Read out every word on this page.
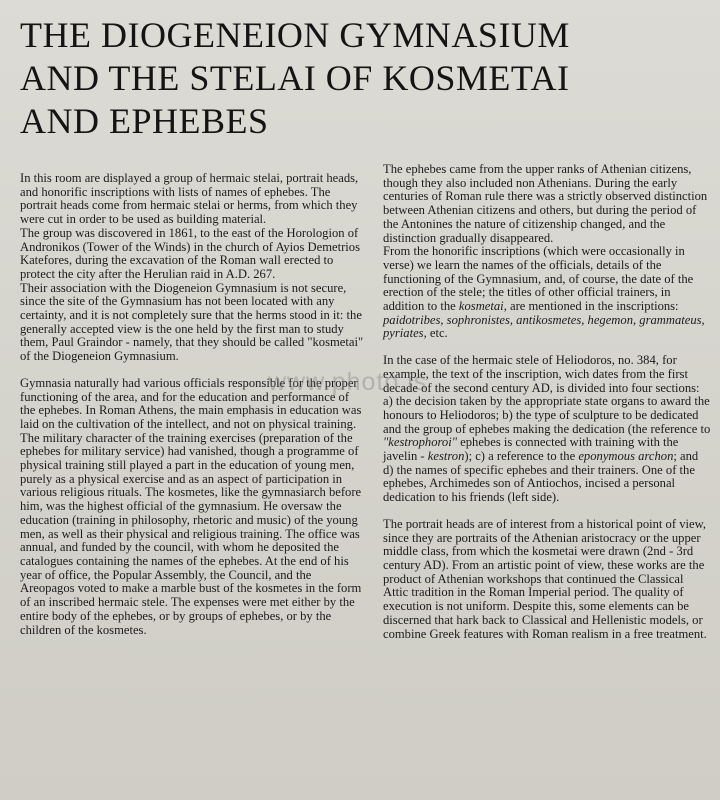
THE DIOGENEION GYMNASIUM
AND THE STELAI OF KOSMETAI
AND EPHEBES

In this room are displayed a group of hermaic stelai, portrait heads, and honorific inscriptions with lists of names of ephebes. The portrait heads come from hermaic stelai or herms, from which they were cut in order to be used as building material.

The group was discovered in 1861, to the east of the Horologion of Andronikos (Tower of the Winds) in the church of Ayios Demetrios Katefores, during the excavation of the Roman wall erected to protect the city after the Herulian raid in A.D. 267.

Their association with the Diogeneion Gymnasium is not secure, since the site of the Gymnasium has not been located with any certainty, and it is not completely sure that the herms stood in it: the generally accepted view is the one held by the first man to study them, Paul Graindor - namely, that they should be called "kosmetai" of the Diogeneion Gymnasium.

Gymnasia naturally had various officials responsible for the proper functioning of the area, and for the education and performance of the ephebes. In Roman Athens, the main emphasis in education was laid on the cultivation of the intellect, and not on physical training. The military character of the training exercises (preparation of the ephebes for military service) had vanished, though a programme of physical training still played a part in the education of young men, purely as a physical exercise and as an aspect of participation in various religious rituals. The kosmetes, like the gymnasiarch before him, was the highest official of the gymnasium. He oversaw the education (training in philosophy, rhetoric and music) of the young men, as well as their physical and religious training. The office was annual, and funded by the council, with whom he deposited the catalogues containing the names of the ephebes. At the end of his year of office, the Popular Assembly, the Council, and the Areopagos voted to make a marble bust of the kosmetes in the form of an inscribed hermaic stele. The expenses were met either by the entire body of the ephebes, or by groups of ephebes, or by the children of the kosmetes.

The ephebes came from the upper ranks of Athenian citizens, though they also included non Athenians. During the early centuries of Roman rule there was a strictly observed distinction between Athenian citizens and others, but during the period of the Antonines the nature of citizenship changed, and the distinction gradually disappeared.

From the honorific inscriptions (which were occasionally in verse) we learn the names of the officials, details of the functioning of the Gymnasium, and, of course, the date of the erection of the stele; the titles of other official trainers, in addition to the kosmetai, are mentioned in the inscriptions: paidotribes, sophronistes, antikosmetes, hegemon, grammateus, pyriates, etc.

In the case of the hermaic stele of Heliodoros, no. 384, for example, the text of the inscription, wich dates from the first decade of the second century AD, is divided into four sections: a) the decision taken by the appropriate state organs to award the honours to Heliodoros; b) the type of sculpture to be dedicated and the group of ephebes making the dedication (the reference to "kestrophoroi" ephebes is connected with training with the javelin - kestron); c) a reference to the eponymous archon; and d) the names of specific ephebes and their trainers. One of the ephebes, Archimedes son of Antiochos, incised a personal dedication to his friends (left side).

The portrait heads are of interest from a historical point of view, since they are portraits of the Athenian aristocracy or the upper middle class, from which the kosmetai were drawn (2nd - 3rd century AD). From an artistic point of view, these works are the product of Athenian workshops that continued the Classical Attic tradition in the Roman Imperial period. The quality of execution is not uniform. Despite this, some elements can be discerned that hark back to Classical and Hellenistic models, or combine Greek features with Roman realism in a free treatment.

www.photo.is
